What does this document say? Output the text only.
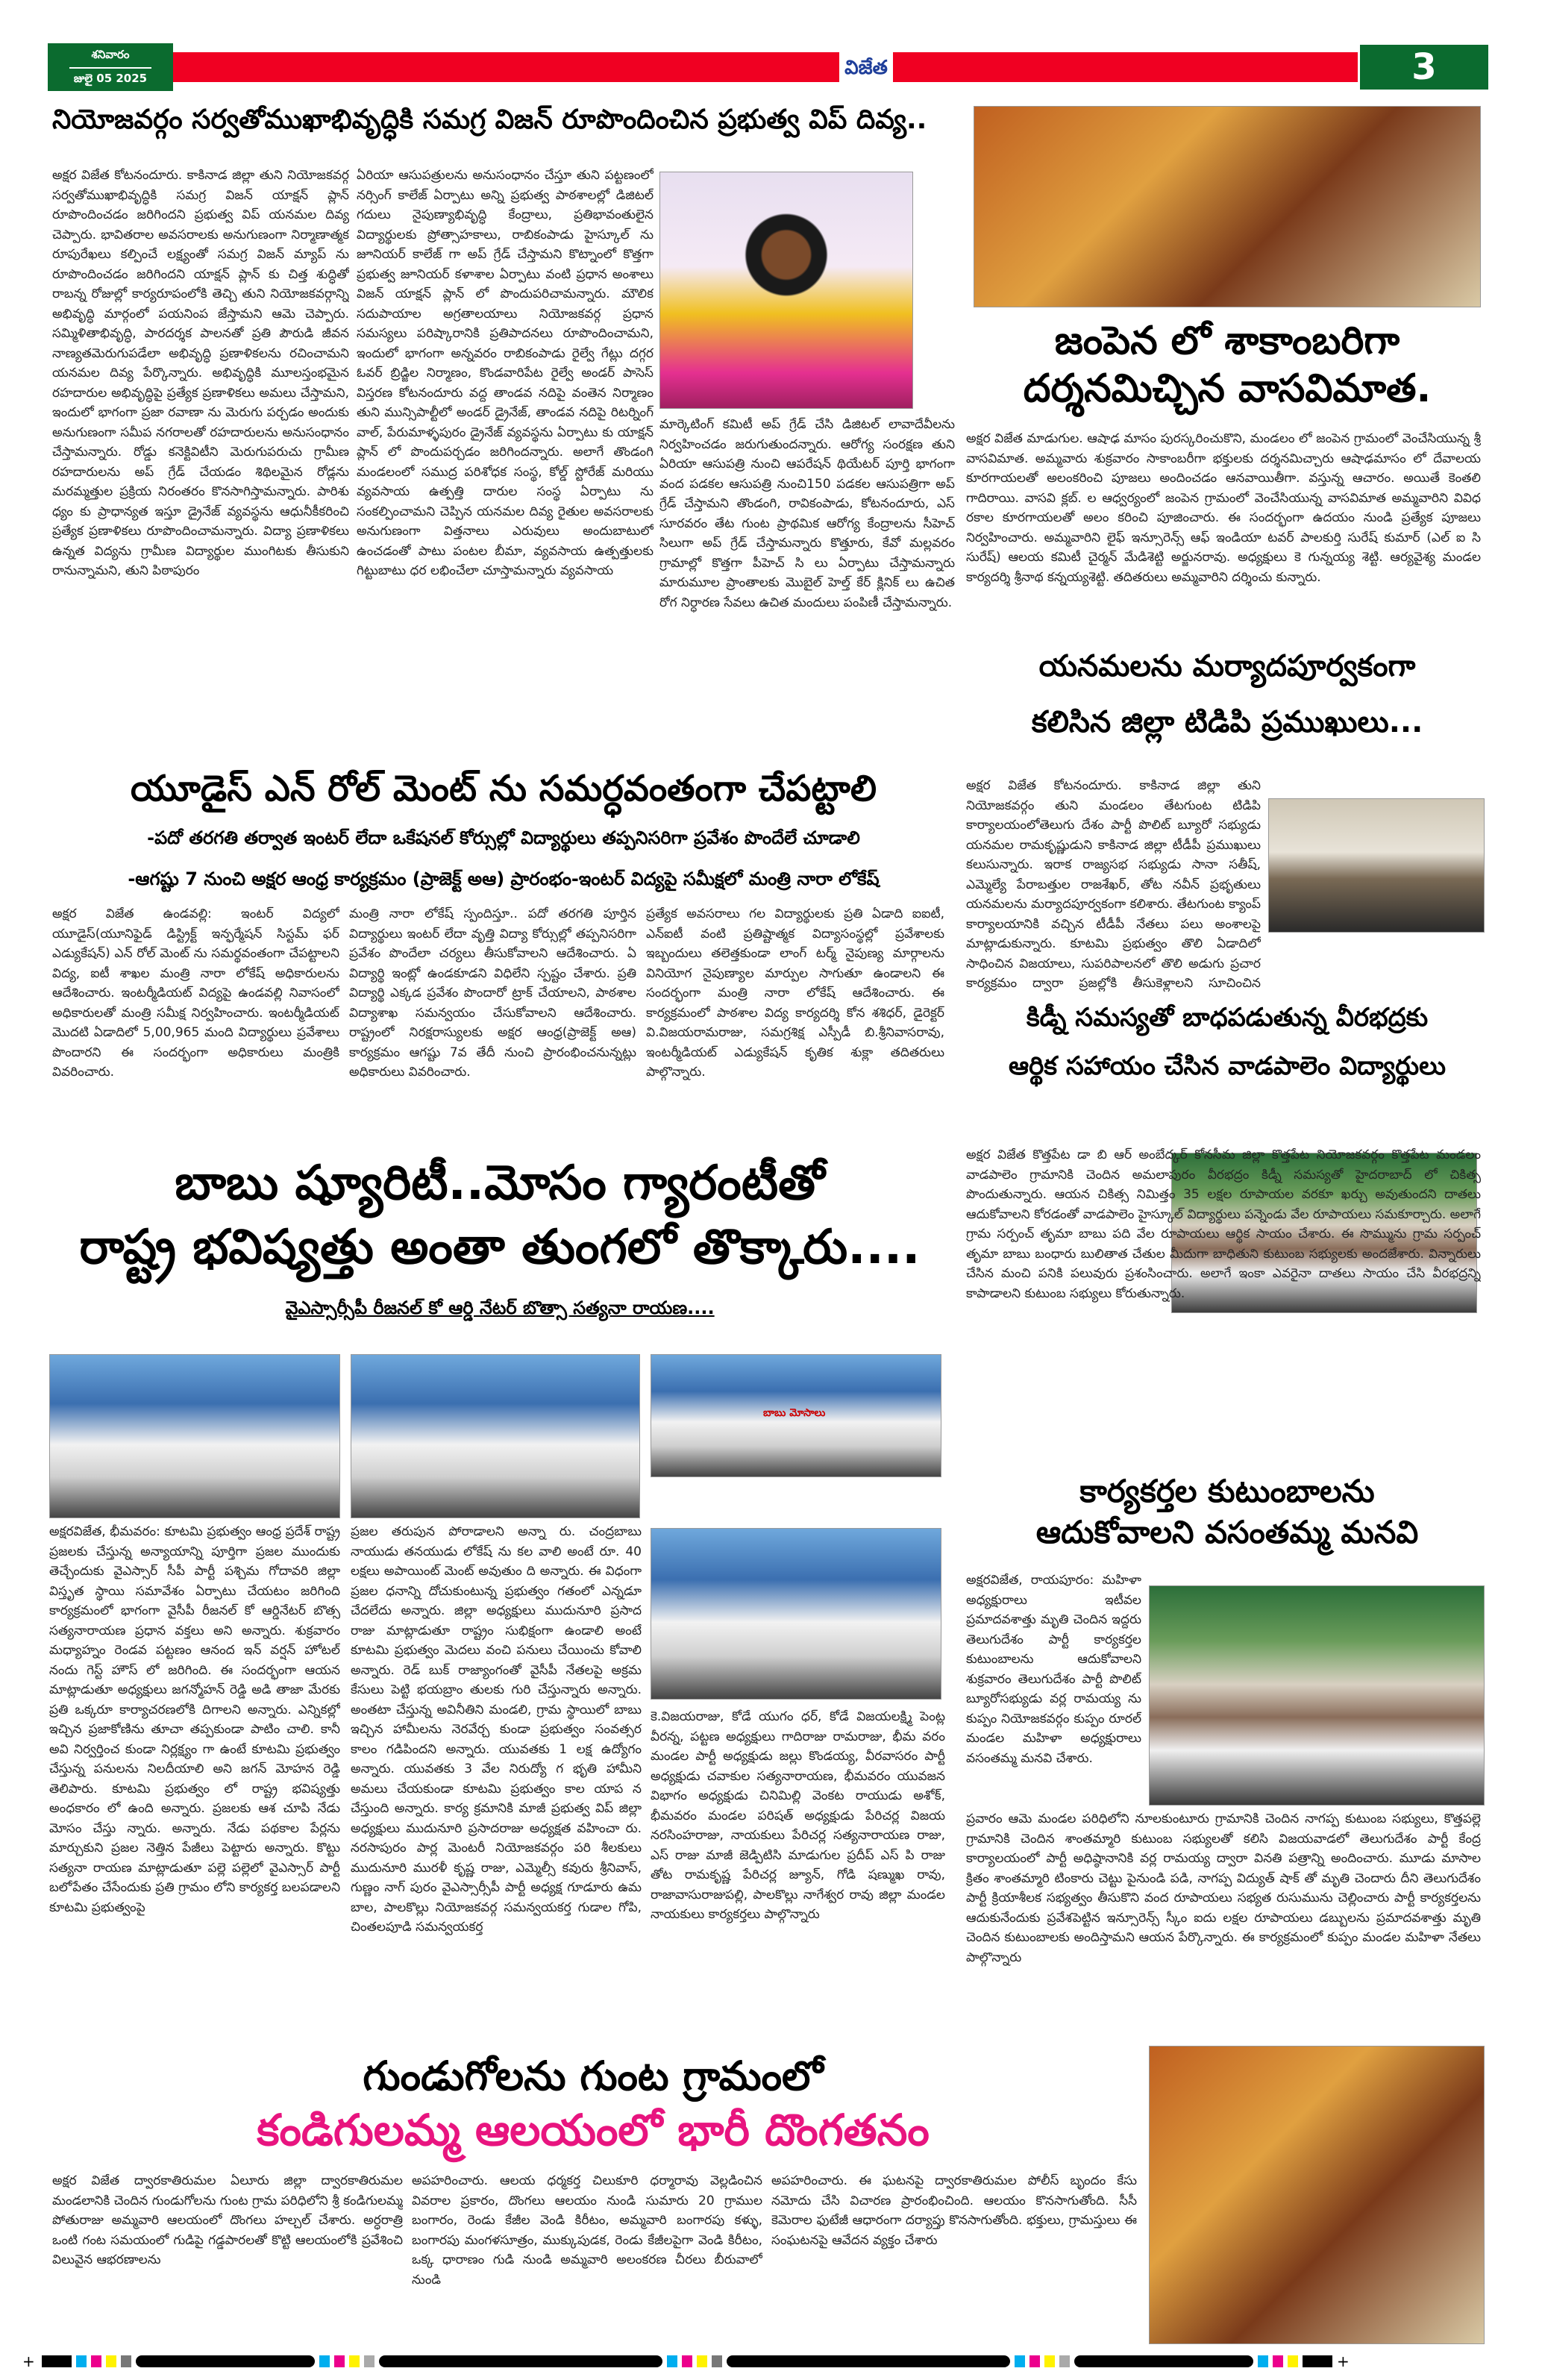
శనివారం
జులై 05 2025	విజేత	3
నియోజవర్గం సర్వతోముఖాభివృద్ధికి సమగ్ర విజన్ రూపొందించిన ప్రభుత్వ విప్ దివ్య..
అక్షర విజేత కోటనందూరు. కాకినాడ జిల్లా తుని నియోజకవర్గ సర్వతోముఖాభివృద్ధికి సమగ్ర విజన్ యాక్షన్ ప్లాన్ రూపొందించడం జరిగిందని ప్రభుత్వ విప్ యనమల దివ్య చెప్పారు. భావితరాల అవసరాలకు అనుగుణంగా నిర్మాణాత్మక రూపురేఖలు కల్పించే లక్ష్యంతో సమగ్ర విజన్ మ్యాప్ ను రూపొందించడం జరిగిందని యాక్షన్ ప్లాన్ కు చిత్త శుద్ధితో రాబన్న రోజుల్లో కార్యరూపంలోకి తెచ్చి తుని నియోజకవర్గాన్ని అభివృద్ధి మార్గంలో పయనింప జేస్తామని ఆమె చెప్పారు. సమ్మిళితాభివృద్ధి, పారదర్శక పాలనతో ప్రతి పౌరుడి జీవన నాణ్యతమెరుగుపడేలా అభివృద్ధి ప్రణాళికలను రచించామని యనమల దివ్య పేర్కొన్నారు. అభివృద్ధికి మూలస్తంభమైన రహదారుల అభివృద్ధిపై ప్రత్యేక ప్రణాళికలు అమలు చేస్తామని, ఇందులో భాగంగా ప్రజా రవాణా ను మెరుగు పర్చడం అందుకు అనుగుణంగా సమీప నగరాలతో రహదారులను అనుసంధానం చేస్తామన్నారు. రోడ్డు కనెక్టివిటీని మెరుగుపరుచు గ్రామీణ రహదారులను అప్ గ్రేడ్ చేయడం శిథిలమైన రోడ్లను మరమ్మత్తుల ప్రక్రియ నిరంతరం కొనసాగిస్తామన్నారు. పారిశు ధ్యం కు ప్రాధాన్యత ఇస్తూ డ్రైనేజ్ వ్యవస్థను ఆధునీకీకరించి ప్రత్యేక ప్రణాళికలు రూపొందించామన్నారు. విద్యా ప్రణాళికలు ఉన్నత విద్యను గ్రామీణ విద్యార్థుల ముంగిటకు తీసుకుని రానున్నామని, తుని పిఠాపురం
ఏరియా ఆసుపత్రులను అనుసంధానం చేస్తూ తుని పట్టణంలో నర్సింగ్ కాలేజ్ ఏర్పాటు అన్ని ప్రభుత్వ పాఠశాలల్లో డిజిటల్ గదులు నైపుణ్యాభివృద్ధి కేంద్రాలు, ప్రతిభావంతులైన విద్యార్థులకు ప్రోత్సాహకాలు, రాబికంపాడు హైస్కూల్ ను జూనియర్ కాలేజ్ గా అప్ గ్రేడ్ చేస్తామని కొట్నాంలో కొత్తగా ప్రభుత్వ జూనియర్ కళాశాల ఏర్పాటు వంటి ప్రధాన అంశాలు విజన్ యాక్షన్ ప్లాన్ లో పొందుపరిచామన్నారు. మౌలిక సదుపాయాల అగ్రతాలయాలు నియోజకవర్గ ప్రధాన సమస్యలు పరిష్కారానికి ప్రతిపాదనలు రూపొందించామని, ఇందులో భాగంగా అన్నవరం రాబికంపాడు రైల్వే గేట్లు దగ్గర ఓవర్ బ్రిడ్జిల నిర్మాణం, కొండవారిపేట రైల్వే అండర్ పాసెస్ విస్తరణ కోటనందూరు వద్ద తాండవ నదిపై వంతెన నిర్మాణం తుని మున్సిపాల్టీలో అండర్ డ్రైనేజ్, తాండవ నదిపై రిటర్నింగ్ వాల్, పేరుమాళ్ళపురం డ్రైనేజ్ వ్యవస్థను ఏర్పాటు కు యాక్షన్ ప్లాన్ లో పొందుపర్చడం జరిగిందన్నారు. అలాగే తొండంగి మండలంలో సముద్ర పరిశోధక సంస్థ, కోల్డ్ స్టోరేజ్ మరియు వ్యవసాయ ఉత్పత్తి దారుల సంస్థ ఏర్పాటు ను సంకల్పించామని చెప్పిన యనమల దివ్య రైతుల అవసరాలకు అనుగుణంగా విత్తనాలు ఎరువులు అందుబాటులో ఉంచడంతో పాటు పంటల బీమా, వ్యవసాయ ఉత్పత్తులకు గిట్టుబాటు ధర లభించేలా చూస్తామన్నారు వ్యవసాయ
మార్కెటింగ్ కమిటీ అప్ గ్రేడ్ చేసి డిజిటల్ లావాదేవీలను నిర్వహించడం జరుగుతుందన్నారు. ఆరోగ్య సంరక్షణ తుని ఏరియా ఆసుపత్రి నుంచి ఆపరేషన్ థియేటర్ పూర్తి భాగంగా వంద పడకల ఆసుపత్రి నుంచి150 పడకల ఆసుపత్రిగా అప్ గ్రేడ్ చేస్తామని తొండంగి, రావికంపాడు, కోటనందూరు, ఎస్ సూరవరం తేట గుంట ప్రాథమిక ఆరోగ్య కేంద్రాలను సీహెచ్ సిలుగా అప్ గ్రేడ్ చేస్తామన్నారు కొత్తూరు, కేవో మల్లవరం గ్రామాల్లో కొత్తగా పీహెచ్ సి లు ఏర్పాటు చేస్తామన్నారు మారుమూల ప్రాంతాలకు మొబైల్ హెల్త్ కేర్ క్లినిక్ లు ఉచిత రోగ నిర్ధారణ సేవలు ఉచిత మందులు పంపిణీ చేస్తామన్నారు.
జంపెన లో శాకాంబరిగా
దర్శనమిచ్చిన వాసవిమాత.
అక్షర విజేత మాడుగుల. ఆషాఢ మాసం పురస్కరించుకొని, మండలం లో జంపెన గ్రామంలో వెంచేసియున్న శ్రీ వాసవిమాత. అమ్మవారు శుక్రవారం సాకాంబరీగా భక్తులకు దర్శనమిచ్చారు ఆషాఢమాసం లో దేవాలయ కూరగాయలతో అలంకరించి పూజలు అందించడం ఆనవాయితీగా. వస్తున్న ఆచారం. అయితే కెంతలి గాదిరాయి. వాసవి క్లబ్. ల ఆధ్వర్యంలో జంపెన గ్రామంలో వెంచేసియున్న వాసవిమాత అమ్మవారిని వివిధ రకాల కూరగాయలతో అలం కరించి పూజించారు. ఈ సందర్భంగా ఉదయం నుండి ప్రత్యేక పూజలు నిర్వహించారు. అమ్మవారిని లైఫ్ ఇన్సూరెన్స్ ఆఫ్ ఇండియా టవర్ పాలకుర్తి సురేష్ కుమార్ (ఎల్ ఐ సి సురేష్) ఆలయ కమిటీ చైర్మన్ మేడిశెట్టి అర్జునరావు. అధ్యక్షులు కె గున్నయ్య శెట్టి. ఆర్యవైశ్య మండల కార్యదర్శి శ్రీనాథ కన్నయ్యశెట్టి. తదితరులు అమ్మవారిని దర్శించు కున్నారు.
యనమలను మర్యాదపూర్వకంగా
కలిసిన జిల్లా టిడిపి ప్రముఖులు...
అక్షర విజేత కోటనందూరు. కాకినాడ జిల్లా తుని నియోజకవర్గం తుని మండలం తేటగుంట టిడిపి కార్యాలయంలోతెలుగు దేశం పార్టీ పొలిట్ బ్యూరో సభ్యుడు యనమల రామకృష్ణుడుని కాకినాడ జిల్లా టీడీపీ ప్రముఖులు కలుసున్నారు. ఇరాక రాజ్యసభ సభ్యుడు సానా సతీష్, ఎమ్మెల్యే పేరాబత్తుల రాజశేఖర్, తోట నవీన్ ప్రభృతులు యనమలను మర్యాదపూర్వకంగా కలిశారు. తేటగుంట క్యాంప్ కార్యాలయానికి వచ్చిన టీడీపీ నేతలు పలు అంశాలపై మాట్లాడుకున్నారు. కూటమి ప్రభుత్వం తొలి ఏడాదిలో సాధించిన విజయాలు, సుపరిపాలనలో తొలి అడుగు ప్రచార కార్యక్రమం ద్వారా ప్రజల్లోకి తీసుకెళ్లాలని సూచించిన
కిడ్నీ సమస్యతో బాధపడుతున్న వీరభద్రకు
ఆర్థిక సహాయం చేసిన వాడపాలెం విద్యార్థులు
అక్షర విజేత కొత్తపేట డా బి ఆర్ అంబేద్కర్ కోనసీమ జిల్లా కొత్తపేట నియోజకవర్గం కొత్తపేట మండలం వాడపాలెం గ్రామానికి చెందిన అమలాపురం వీరభద్రం కిడ్నీ సమస్యతో హైదరాబాద్ లో చికిత్స పొందుతున్నారు. ఆయన చికిత్స నిమిత్తం 35 లక్షల రూపాయల వరకూ ఖర్చు అవుతుందని దాతలు ఆదుకోవాలని కోరడంతో వాడపాలెం హైస్కూల్ విద్యార్థులు పన్నెండు వేల రూపాయలు సమకూర్చారు. అలాగే గ్రామ సర్పంచ్ తృమా బాబు పది వేల రూపాయలు ఆర్థిక సాయం చేశారు. ఈ సొమ్మును గ్రామ సర్పంచ్ తృమా బాబు బంధారు బులితాత చేతుల మీదుగా బాధితుని కుటుంబ సభ్యులకు అందజేశారు. విన్నారులు చేసిన మంచి పనికి పలువురు ప్రశంసించారు. అలాగే ఇంకా ఎవరైనా దాతలు సాయం చేసి వీరభద్రన్ని కాపాడాలని కుటుంబ సభ్యులు కోరుతున్నారు.
కార్యకర్తల కుటుంబాలను
ఆదుకోవాలని వసంతమ్మ మనవి
అక్షరవిజేత, రాయపూరం: మహిళా అధ్యక్షురాలు ఇటీవల ప్రమాదవశాత్తు మృతి చెందిన ఇద్దరు తెలుగుదేశం పార్టీ కార్యకర్తల కుటుంబాలను ఆదుకోవాలని శుక్రవారం తెలుగుదేశం పార్టీ పొలిట్ బ్యూరోసభ్యుడు వర్ల రామయ్య ను కుప్పం నియోజకవర్గం కుప్పం రూరల్ మండల మహిళా అధ్యక్షురాలు వసంతమ్మ మనవి చేశారు.
ప్రవారం ఆమె మండల పరిధిలోని నూలకుంటూరు గ్రామానికి చెందిన నాగప్ప కుటుంబ సభ్యులు, కొత్తపల్లె గ్రామానికి చెందిన శాంతమ్మారి కుటుంబ సభ్యులతో కలిసి విజయవాడలో తెలుగుదేశం పార్టీ కేంద్ర కార్యాలయంలో పార్టీ అధిష్ఠానానికి వర్ల రామయ్య ద్వారా వినతి పత్రాన్ని అందించారు. మూడు మాసాల క్రితం శాంతమ్మారి టింకారు చెట్టు పైనుండి పడి, నాగప్ప విద్యుత్ షాక్ తో మృతి చెందారు దీని తెలుగుదేశం పార్టీ క్రియాశీలక సభ్యత్వం తీసుకొని వంద రూపాయలు సభ్యత రుసుమును చెల్లించారు పార్టీ కార్యకర్తలను ఆదుకునేందుకు ప్రవేశపెట్టిన ఇన్సూరెన్స్ స్కీం ఐదు లక్షల రూపాయలు డబ్బులను ప్రమాదవశాత్తు మృతి చెందిన కుటుంబాలకు అందిస్తామని ఆయన పేర్కొన్నారు. ఈ కార్యక్రమంలో కుప్పం మండల మహిళా నేతలు పాల్గొన్నారు
యూడైస్ ఎన్ రోల్ మెంట్ ను సమర్ధవంతంగా చేపట్టాలి
-పదో తరగతి తర్వాత ఇంటర్ లేదా ఒకేషనల్ కోర్సుల్లో విద్యార్థులు తప్పనిసరిగా ప్రవేశం పొందేలే చూడాలి
-ఆగష్టు 7 నుంచి అక్షర ఆంధ్ర కార్యక్రమం (ప్రాజెక్ట్ అఆ) ప్రారంభం-ఇంటర్ విద్యపై సమీక్షలో మంత్రి నారా లోకేష్
అక్షర విజేత ఉండవల్లి: ఇంటర్ విద్యలో యూడైస్(యూనిఫైడ్ డిస్ట్రిక్ట్ ఇన్ఫర్మేషన్ సిస్టమ్ ఫర్ ఎడ్యుకేషన్) ఎన్ రోల్ మెంట్ ను సమర్థవంతంగా చేపట్టాలని విద్య, ఐటీ శాఖల మంత్రి నారా లోకేష్ అధికారులను ఆదేశించారు. ఇంటర్మీడియట్ విద్యపై ఉండవల్లి నివాసంలో అధికారులతో మంత్రి సమీక్ష నిర్వహించారు. ఇంటర్మీడియట్ మొదటి ఏడాదిలో 5,00,965 మంది విద్యార్థులు ప్రవేశాలు పొందారని ఈ సందర్భంగా అధికారులు మంత్రికి వివరించారు.
మంత్రి నారా లోకేష్ స్పందిస్తూ.. పదో తరగతి పూర్తిన విద్యార్థులు ఇంటర్ లేదా వృత్తి విద్యా కోర్సుల్లో తప్పనిసరిగా ప్రవేశం పొందేలా చర్యలు తీసుకోవాలని ఆదేశించారు. ఏ విద్యార్థి ఇంట్లో ఉండకూడని విధిలేని స్పష్టం చేశారు. ప్రతి విద్యార్థి ఎక్కడ ప్రవేశం పొందారో ట్రాక్ చేయాలని, పాఠశాల విద్యాశాఖ సమన్వయం చేసుకోవాలని ఆదేశించారు. రాష్ట్రంలో నిరక్షరాస్యులకు అక్షర ఆంధ్ర(ప్రాజెక్ట్ అఆ) కార్యక్రమం ఆగష్టు 7వ తేదీ నుంచి ప్రారంభించనున్నట్లు అధికారులు వివరించారు.
ప్రత్యేక అవసరాలు గల విద్యార్థులకు ప్రతి ఏడాది ఐఐటీ, ఎన్ఐటీ వంటి ప్రతిష్టాత్మక విద్యాసంస్థల్లో ప్రవేశాలకు ఇబ్బందులు తలెత్తకుండా లాంగ్ టర్మ్ నైపుణ్య మార్గాలను వినియోగ నైపుణ్యాల మార్పుల సాగుతూ ఉండాలని ఈ సందర్భంగా మంత్రి నారా లోకేష్ ఆదేశించారు. ఈ కార్యక్రమంలో పాఠశాల విద్య కార్యదర్శి కోన శశిధర్, డైరెక్టర్ వి.విజయరామరాజు, సమగ్రశిక్ష ఎస్పీడీ బి.శ్రీనివాసరావు, ఇంటర్మీడియట్ ఎడ్యుకేషన్ కృతిక శుక్లా తదితరులు పాల్గొన్నారు.
బాబు ష్యూరిటీ..మోసం గ్యారంటీతో
రాష్ట్ర భవిష్యత్తు అంతా తుంగలో తొక్కారు....
వైఎస్సార్సీపీ రీజనల్ కో ఆర్డి నేటర్ బొత్సా సత్యనా రాయణ....
బాబు మోసాలు
అక్షరవిజేత, భీమవరం: కూటమి ప్రభుత్వం ఆంధ్ర ప్రదేశ్ రాష్ట్ర ప్రజలకు చేస్తున్న అన్యాయాన్ని పూర్తిగా ప్రజల ముందుకు తెచ్చేందుకు వైఎస్సార్ సీపీ పార్టీ పశ్చిమ గోదావరి జిల్లా విస్తృత స్థాయి సమావేశం ఏర్పాటు చేయటం జరిగింది కార్యక్రమంలో భాగంగా వైసీపీ రీజనల్ కో ఆర్డినేటర్ బొత్స సత్యనారాయణ ప్రధాన వక్తలు అని అన్నారు. శుక్రవారం మధ్యాహ్నం రెండవ పట్టణం ఆనంద ఇన్ వర్షన్ హోటల్ నందు గెస్ట్ హౌస్ లో జరిగింది. ఈ సందర్భంగా ఆయన మాట్లాడుతూ అధ్యక్షులు జగన్మోహన్ రెడ్డి అడి తాజా మేరకు ప్రతి ఒక్కరూ కార్యాచరణలోకి దిగాలని అన్నారు. ఎన్నికల్లో ఇచ్చిన ప్రజాకోణిను తూచా తప్పకుండా పాటిం చాలి. కానీ అవి నిర్వర్తించ కుండా నిర్లక్ష్యం గా ఉంటే కూటమి ప్రభుత్వం చేస్తున్న పనులను నిలదీయాలి అని జగన్ మోహన రెడ్డి తెలిపారు. కూటమి ప్రభుత్వం లో రాష్ట్ర భవిష్యత్తు అంధకారం లో ఉంది అన్నారు. ప్రజలకు ఆశ చూపి నేడు మోసం చేస్తు న్నారు. అన్నారు. నేడు పథకాల పేర్లను మార్చుకుని ప్రజల నెత్తిన పేజీలు పెట్టారు అన్నారు. కొట్టు సత్యనా రాయణ మాట్లాడుతూ పల్లె పల్లెలో వైఎస్సార్ పార్టీ బలోపేతం చేసేందుకు ప్రతి గ్రామం లోని కార్యకర్త బలపడాలని కూటమి ప్రభుత్వంపై
ప్రజల తరుపున పోరాడాలని అన్నా రు. చంద్రబాబు నాయుడు తనయుడు లోకేష్ ను కల వాలి అంటే రూ. 40 లక్షలు అపాయింట్ మెంట్ అవుతుం ది అన్నారు. ఈ విధంగా ప్రజల ధనాన్ని దోచుకుంటున్న ప్రభుత్వం గతంలో ఎన్నడూ చేదలేదు అన్నారు. జిల్లా అధ్యక్షులు ముదునూరి ప్రసాద రాజు మాట్లాడుతూ రాష్ట్రం సుభిక్షంగా ఉండాలి అంటే కూటమి ప్రభుత్వం మెదలు వంచి పనులు చేయించు కోవాలి అన్నారు. రెడ్ బుక్ రాజ్యాంగంతో వైసీపీ నేతలపై అక్రమ కేసులు పెట్టి భయబ్రాం తులకు గురి చేస్తున్నారు అన్నారు. అంతటా చేస్తున్న అవినీతిని మండలి, గ్రామ స్థాయిలో బాబు ఇచ్చిన హామీలను నెరవేర్చ కుండా ప్రభుత్వం సంవత్సర కాలం గడిపిందని అన్నారు. యువతకు 1 లక్ష ఉద్యోగం అన్నారు. యువతకు 3 వేల నిరుద్యో గ భృతి హామీని అమలు చేయకుండా కూటమి ప్రభుత్వం కాల యాప న చేస్తుంది అన్నారు. కార్య క్రమానికి మాజీ ప్రభుత్వ విప్ జిల్లా అధ్యక్షులు ముదునూరి ప్రసాదరాజు అధ్యక్షత వహించా రు. నరసాపురం పార్ల మెంటరీ నియోజకవర్గం పరి శీలకులు ముదునూరి మురళీ కృష్ణ రాజు, ఎమ్మెల్సీ కవురు శ్రీనివాస్, గుణ్ణం నాగ్ పురం వైఎస్సార్సీపీ పార్టీ అధ్యక్ష గూడూరు ఉమ బాల, పాలకొల్లు నియోజకవర్గ సమన్వయకర్త గుడాల గోపి, చింతలపూడి సమన్వయకర్త
కె.విజయరాజు, కోడే యుగం ధర్, కోడే విజయలక్ష్మి పెంట్ల వీరన్న, పట్టణ అధ్యక్షులు గాదిరాజు రామరాజు, భీమ వరం మండల పార్టీ అధ్యక్షుడు జల్లు కొండయ్య, వీరవాసరం పార్టీ అధ్యక్షుడు చవాకుల సత్యనారాయణ, భీమవరం యువజన విభాగం అధ్యక్షుడు చినిమిల్లి వెంకట రాయుడు అశోక్, భీమవరం మండల పరిషత్ అధ్యక్షుడు పేరిచర్ల విజయ నరసింహరాజు, నాయకులు పేరిచర్ల సత్యనారాయణ రాజు, ఎస్ రాజు మాజీ జెడ్పిటిసి మాడుగుల ప్రదీప్ ఎస్ పి రాజు తోట రామకృష్ణ పేరిచర్ల జ్యూన్, గోడి షణ్ముఖ రావు, రాజావాసురాజుపల్లి, పాలకొల్లు నాగేశ్వర రావు జిల్లా మండల నాయకులు కార్యకర్తలు పాల్గొన్నారు
గుండుగోలను గుంట గ్రామంలో
కండిగులమ్మ ఆలయంలో భారీ దొంగతనం
అక్షర విజేత ద్వారకాతిరుమల ఏలూరు జిల్లా ద్వారకాతిరుమల మండలానికి చెందిన గుండుగోలను గుంట గ్రామ పరిధిలోని శ్రీ కండిగులమ్మ పోతురాజు అమ్మవారి ఆలయంలో దొంగలు హల్చల్ చేశారు. అర్ధరాత్రి ఒంటి గంట సమయంలో గుడిపై గడ్డపారలతో కొట్టి ఆలయంలోకి ప్రవేశించి విలువైన ఆభరణాలను
అపహరించారు. ఆలయ ధర్మకర్త చిలుకూరి ధర్మారావు వెల్లడించిన వివరాల ప్రకారం, దొంగలు ఆలయం నుండి సుమారు 20 గ్రాముల బంగారం, రెండు కేజీల వెండి కిరీటం, అమ్మవారి బంగారపు కళ్ళు, బంగారపు మంగళసూత్రం, ముక్కుపుడక, రెండు కేజీలపైగా వెండి కిరీటం, ఒక్క ధారాణం గుడి నుండి అమ్మవారి అలంకరణ చీరలు బీరువాలో నుండి
అపహరించారు. ఈ ఘటనపై ద్వారకాతిరుమల పోలీస్ బృందం కేసు నమోదు చేసి విచారణ ప్రారంభించింది. ఆలయం కొనసాగుతోంది. సీసీ కెమెరాల ఫుటేజీ ఆధారంగా దర్యాప్తు కొనసాగుతోంది. భక్తులు, గ్రామస్తులు ఈ సంఘటనపై ఆవేదన వ్యక్తం చేశారు
+	+
